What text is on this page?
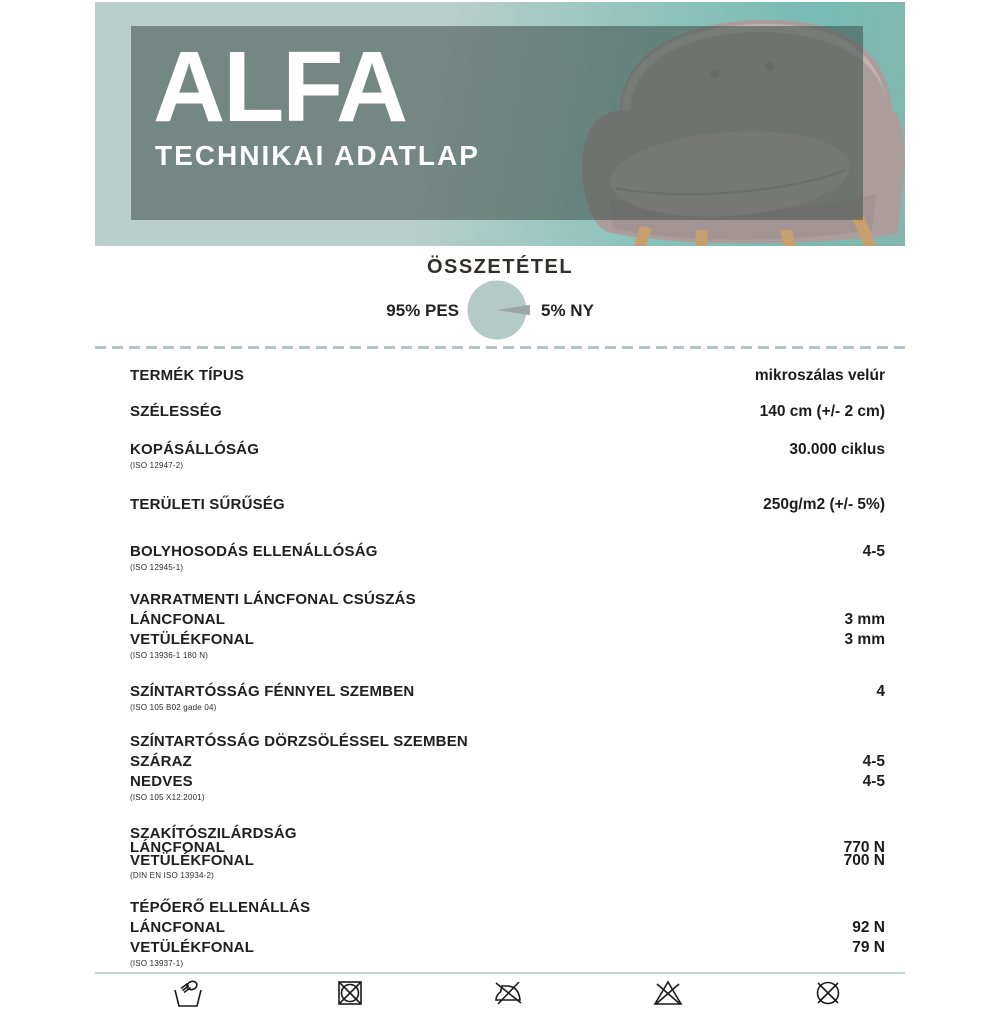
ALFA
TECHNIKAI ADATLAP
ÖSSZETÉTEL
95% PES	5% NY
TERMÉK TÍPUS	mikroszálas velúr
SZÉLESSÉG	140 cm (+/- 2 cm)
KOPÁSÁLLÓSÁG	30.000 ciklus
(ISO 12947-2)
TERÜLETI SŰRŰSÉG	250g/m2 (+/- 5%)
BOLYHOSODÁS ELLENÁLLÓSÁG	4-5
(ISO 12945-1)
VARRATMENTI LÁNCFONAL CSÚSZÁS
LÁNCFONAL	3 mm
VETÜLÉKFONAL	3 mm
(ISO 13936-1 180 N)
SZÍNTARTÓSSÁG FÉNNYEL SZEMBEN	4
(ISO 105 B02 gade 04)
SZÍNTARTÓSSÁG DÖRZSÖLÉSSEL SZEMBEN
SZÁRAZ	4-5
NEDVES	4-5
(ISO 105 X12:2001)
SZAKÍTÓSZILÁRDSÁG
LÁNCFONAL	770 N
VETÜLÉKFONAL	700 N
(DIN EN ISO 13934-2)
TÉPŐERŐ ELLENÁLLÁS
LÁNCFONAL	92 N
VETÜLÉKFONAL	79 N
(ISO 13937-1)
